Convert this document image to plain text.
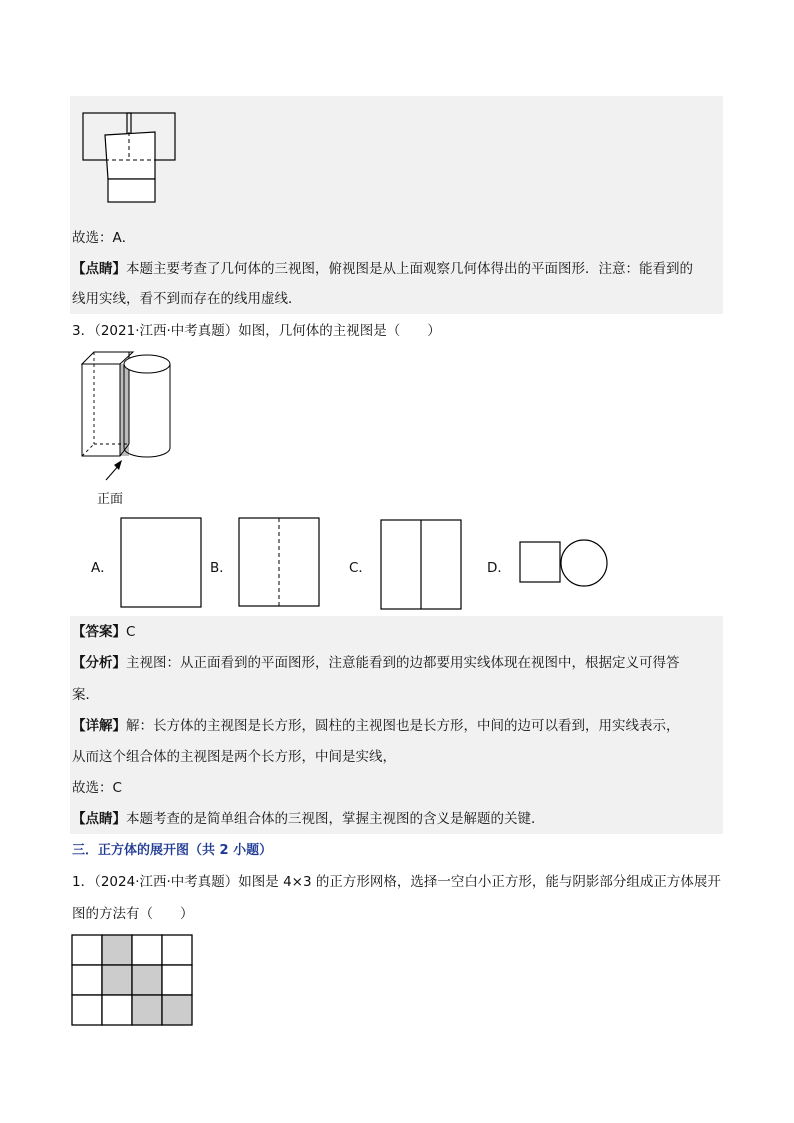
故选：A．
【点睛】本题主要考查了几何体的三视图，俯视图是从上面观察几何体得出的平面图形．注意：能看到的
线用实线，看不到而存在的线用虚线．
3．（2021·江西·中考真题）如图，几何体的主视图是（　　）
正面
A．	B．	C．	D．
【答案】C
【分析】主视图：从正面看到的平面图形，注意能看到的边都要用实线体现在视图中，根据定义可得答
案．
【详解】解：长方体的主视图是长方形，圆柱的主视图也是长方形，中间的边可以看到，用实线表示，
从而这个组合体的主视图是两个长方形，中间是实线，
故选：C
【点睛】本题考查的是简单组合体的三视图，掌握主视图的含义是解题的关键．
三．正方体的展开图（共 2 小题）
1．（2024·江西·中考真题）如图是 4×3 的正方形网格，选择一空白小正方形，能与阴影部分组成正方体展开
图的方法有（　　）
